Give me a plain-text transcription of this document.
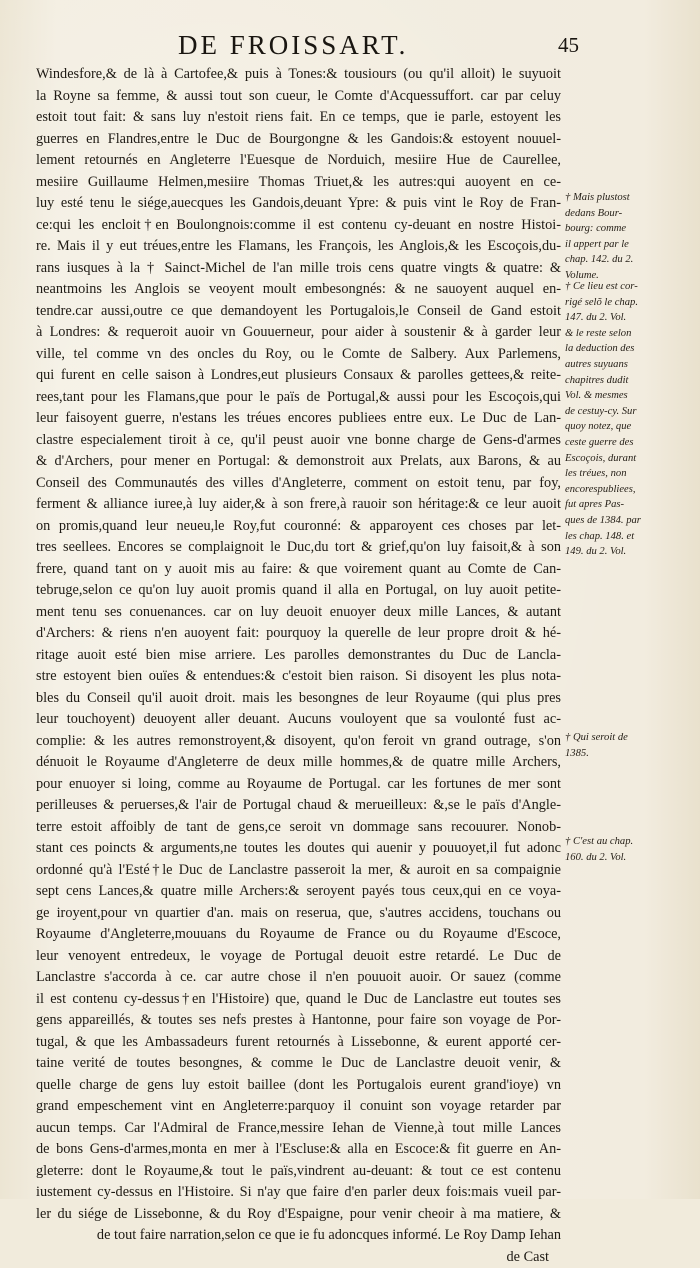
DE FROISSART.	45
Windesfore,& de là à Cartofee,& puis à Tones:& tousiours (ou qu'il alloit) le suyuoit
la Royne sa femme, & aussi tout son cueur, le Comte d'Acquessuffort. car par celuy
estoit tout fait: & sans luy n'estoit riens fait. En ce temps, que ie parle, estoyent les
guerres en Flandres,entre le Duc de Bourgongne & les Gandois:& estoyent nouuel-
lement retournés en Angleterre l'Euesque de Norduich, mesiire Hue de Caurellee,
mesiire Guillaume Helmen,mesiire Thomas Triuet,& les autres:qui auoyent en ce-
luy esté tenu le siége,auecques les Gandois,deuant Ypre: & puis vint le Roy de Fran-
ce:qui les encloit†en Boulongnois:comme il est contenu cy-deuant en nostre Histoi-
re. Mais il y eut tréues,entre les Flamans, les François, les Anglois,& les Escoçois,du-
rans iusques à la † Sainct-Michel de l'an mille trois cens quatre vingts & quatre: &
neantmoins les Anglois se veoyent moult embesongnés: & ne sauoyent auquel en-
tendre.car aussi,outre ce que demandoyent les Portugalois,le Conseil de Gand estoit
à Londres: & requeroit auoir vn Gouuerneur, pour aider à soustenir & à garder leur
ville, tel comme vn des oncles du Roy, ou le Comte de Salbery. Aux Parlemens,
qui furent en celle saison à Londres,eut plusieurs Consaux & parolles gettees,& reite-
rees,tant pour les Flamans,que pour le païs de Portugal,& aussi pour les Escoçois,qui
leur faisoyent guerre, n'estans les tréues encores publiees entre eux. Le Duc de Lan-
clastre especialement tiroit à ce, qu'il peust auoir vne bonne charge de Gens-d'armes
& d'Archers, pour mener en Portugal: & demonstroit aux Prelats, aux Barons, & au
Conseil des Communautés des villes d'Angleterre, comment on estoit tenu, par foy,
ferment & alliance iuree,à luy aider,& à son frere,à rauoir son héritage:& ce leur auoit
on promis,quand leur neueu,le Roy,fut couronné: & apparoyent ces choses par let-
tres seellees. Encores se complaignoit le Duc,du tort & grief,qu'on luy faisoit,& à son
frere, quand tant on y auoit mis au faire: & que voirement quant au Comte de Can-
tebruge,selon ce qu'on luy auoit promis quand il alla en Portugal, on luy auoit petite-
ment tenu ses conuenances. car on luy deuoit enuoyer deux mille Lances, & autant
d'Archers: & riens n'en auoyent fait: pourquoy la querelle de leur propre droit & hé-
ritage auoit esté bien mise arriere. Les parolles demonstrantes du Duc de Lancla-
stre estoyent bien ouïes & entendues:& c'estoit bien raison. Si disoyent les plus nota-
bles du Conseil qu'il auoit droit. mais les besongnes de leur Royaume (qui plus pres
leur touchoyent) deuoyent aller deuant. Aucuns vouloyent que sa voulonté fust ac-
complie: & les autres remonstroyent,& disoyent, qu'on feroit vn grand outrage, s'on
dénuoit le Royaume d'Angleterre de deux mille hommes,& de quatre mille Archers,
pour enuoyer si loing, comme au Royaume de Portugal. car les fortunes de mer sont
perilleuses & peruerses,& l'air de Portugal chaud & merueilleux: &,se le païs d'Angle-
terre estoit affoibly de tant de gens,ce seroit vn dommage sans recouurer. Nonob-
stant ces poincts & arguments,ne toutes les doutes qui auenir y pouuoyet,il fut adonc
ordonné qu'à l'Esté†le Duc de Lanclastre passeroit la mer, & auroit en sa compaignie
sept cens Lances,& quatre mille Archers:& seroyent payés tous ceux,qui en ce voya-
ge iroyent,pour vn quartier d'an. mais on reserua, que, s'autres accidens, touchans ou
Royaume d'Angleterre,mouuans du Royaume de France ou du Royaume d'Escoce,
leur venoyent entredeux, le voyage de Portugal deuoit estre retardé. Le Duc de
Lanclastre s'accorda à ce. car autre chose il n'en pouuoit auoir. Or sauez (comme
il est contenu cy-dessus†en l'Histoire) que, quand le Duc de Lanclastre eut toutes ses
gens appareillés, & toutes ses nefs prestes à Hantonne, pour faire son voyage de Por-
tugal, & que les Ambassadeurs furent retournés à Lissebonne, & eurent apporté cer-
taine verité de toutes besongnes, & comme le Duc de Lanclastre deuoit venir, &
quelle charge de gens luy estoit baillee (dont les Portugalois eurent grand'ioye) vn
grand empeschement vint en Angleterre:parquoy il conuint son voyage retarder par
aucun temps. Car l'Admiral de France,messire Iehan de Vienne,à tout mille Lances
de bons Gens-d'armes,monta en mer à l'Escluse:& alla en Escoce:& fit guerre en An-
gleterre: dont le Royaume,& tout le païs,vindrent au-deuant: & tout ce est contenu
iustement cy-dessus en l'Histoire. Si n'ay que faire d'en parler deux fois:mais vueil par-
ler du siége de Lissebonne, & du Roy d'Espaigne, pour venir cheoir à ma matiere, &
de tout faire narration,selon ce que ie fu adoncques informé. Le Roy Damp Iehan
de Cast
† Mais plustost
dedans Bour-
bourg: comme
il appert par le
chap. 142. du 2.
Volume.
† Ce lieu est cor-
rigé selõ le chap.
147. du 2. Vol.
& le reste selon
la deduction des
autres suyuans
chapitres dudit
Vol. & mesmes
de cestuy-cy. Sur
quoy notez, que
ceste guerre des
Escoçois, durant
les tréues, non
encorespubliees,
fut apres Pas-
ques de 1384. par
les chap. 148. et
149. du 2. Vol.
† Qui seroit de
1385.
† C'est au chap.
160. du 2. Vol.
